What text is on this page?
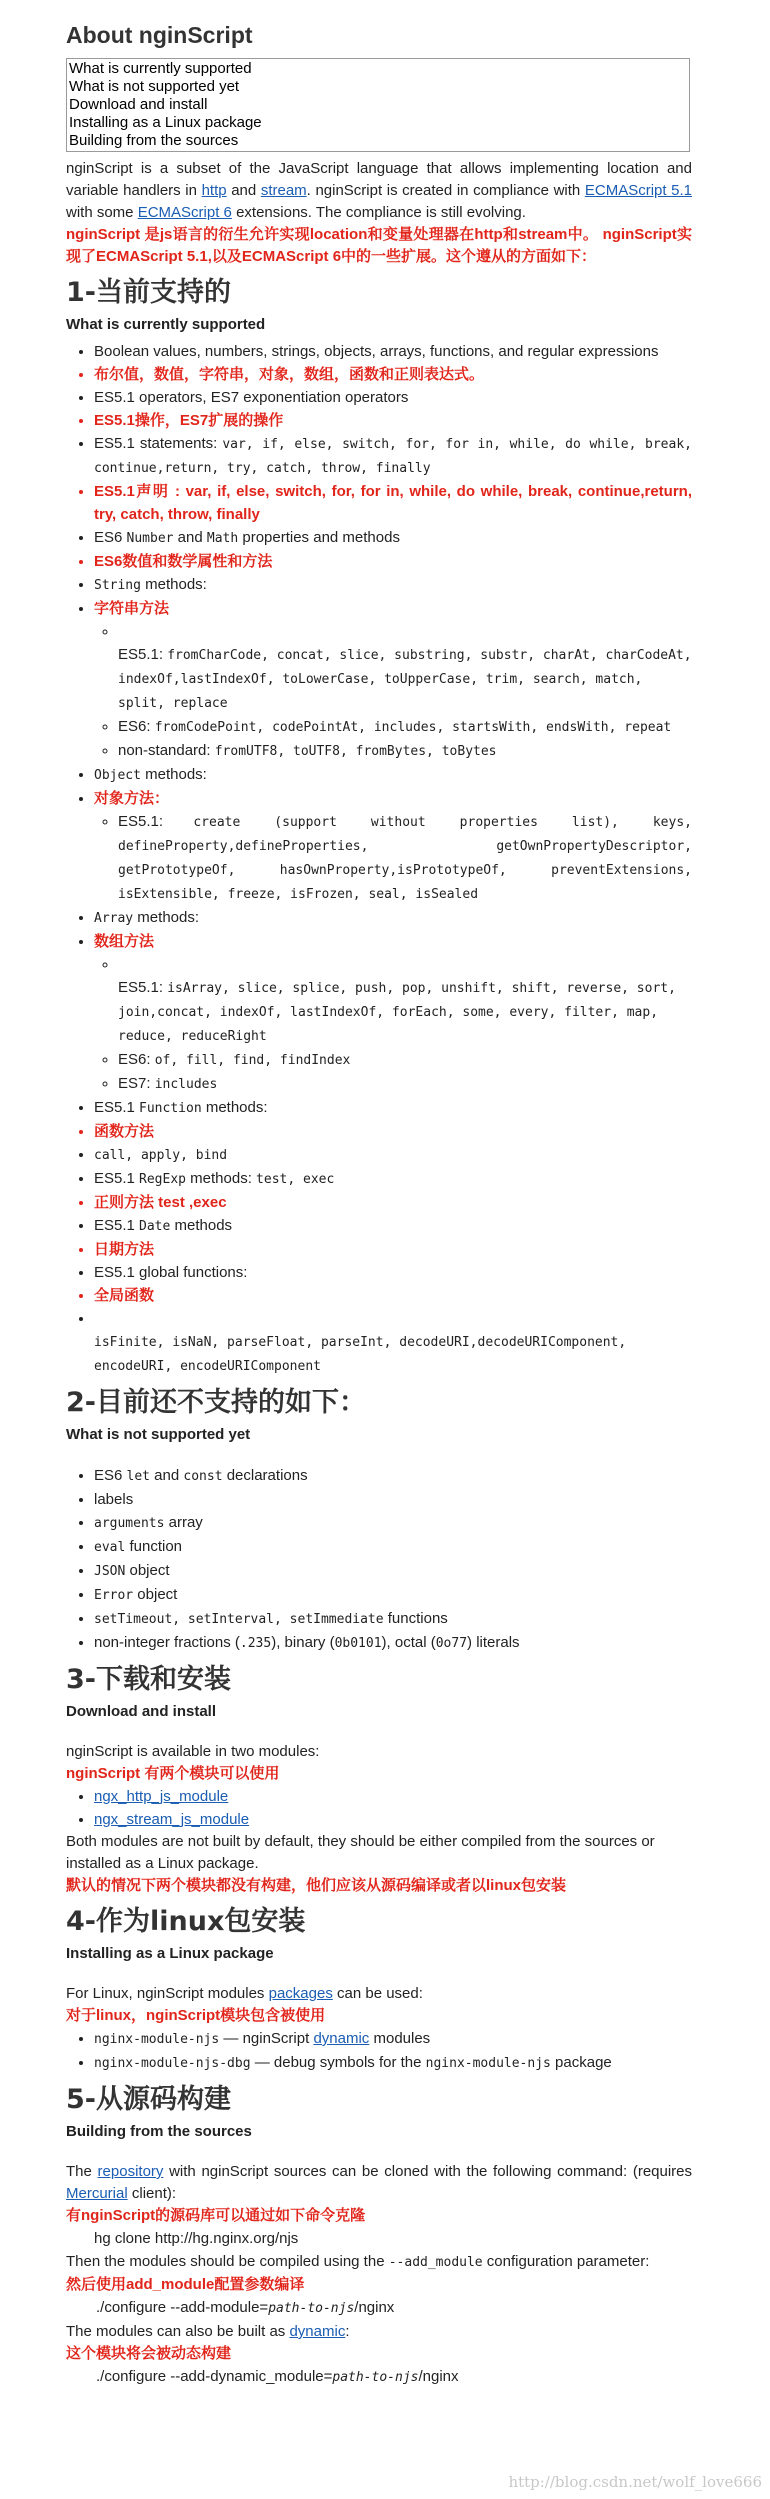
About nginScript
What is currently supported
What is not supported yet
Download and install
Installing as a Linux package
Building from the sources

nginScript is a subset of the JavaScript language that allows implementing location and variable handlers in http and stream. nginScript is created in compliance with ECMAScript 5.1 with some ECMAScript 6 extensions. The compliance is still evolving.

nginScript 是js语言的衍生允许实现location和变量处理器在http和stream中。 nginScript实现了ECMAScript 5.1,以及ECMAScript 6中的一些扩展。这个遵从的方面如下：

1-当前支持的
What is currently supported
• Boolean values, numbers, strings, objects, arrays, functions, and regular expressions
• 布尔值，数值，字符串，对象，数组，函数和正则表达式。
• ES5.1 operators, ES7 exponentiation operators
• ES5.1操作，ES7扩展的操作
• ES5.1 statements: var, if, else, switch, for, for in, while, do while, break, continue,return, try, catch, throw, finally
• ES5.1声明 : var, if, else, switch, for, for in, while, do while, break, continue,return, try, catch, throw, finally
• ES6 Number and Math properties and methods
• ES6数值和数学属性和方法
• String methods:
• 字符串方法

◦ ES5.1: fromCharCode, concat, slice, substring, substr, charAt, charCodeAt, indexOf,lastIndexOf, toLowerCase, toUpperCase, trim, search, match, split, replace
◦ ES6: fromCodePoint, codePointAt, includes, startsWith, endsWith, repeat
◦ non-standard: fromUTF8, toUTF8, fromBytes, toBytes
• Object methods:
• 对象方法：
◦ ES5.1: create (support without properties list), keys, defineProperty,defineProperties, getOwnPropertyDescriptor, getPrototypeOf, hasOwnProperty,isPrototypeOf, preventExtensions, isExtensible, freeze, isFrozen, seal, isSealed
• Array methods:
• 数组方法

◦ ES5.1: isArray, slice, splice, push, pop, unshift, shift, reverse, sort, join,concat, indexOf, lastIndexOf, forEach, some, every, filter, map, reduce, reduceRight
◦ ES6: of, fill, find, findIndex
◦ ES7: includes
• ES5.1 Function methods:
• 函数方法
• call, apply, bind
• ES5.1 RegExp methods: test, exec
• 正则方法 test ,exec
• ES5.1 Date methods
• 日期方法
• ES5.1 global functions:
• 全局函数

• isFinite, isNaN, parseFloat, parseInt, decodeURI,decodeURIComponent, encodeURI, encodeURIComponent
2-目前还不支持的如下：
What is not supported yet
• ES6 let and const declarations
• labels
• arguments array
• eval function
• JSON object
• Error object
• setTimeout, setInterval, setImmediate functions
• non-integer fractions (.235), binary (0b0101), octal (0o77) literals
3-下载和安装
Download and install

nginScript is available in two modules:

nginScript 有两个模块可以使用

• ngx_http_js_module
• ngx_stream_js_module

Both modules are not built by default, they should be either compiled from the sources or installed as a Linux package.

默认的情况下两个模块都没有构建，他们应该从源码编译或者以linux包安装

4-作为linux包安装
Installing as a Linux package

For Linux, nginScript modules packages can be used:

对于linux，nginScript模块包含被使用

• nginx-module-njs — nginScript dynamic modules
• nginx-module-njs-dbg — debug symbols for the nginx-module-njs package
5-从源码构建
Building from the sources

The repository with nginScript sources can be cloned with the following command: (requires Mercurial client):

有nginScript的源码库可以通过如下命令克隆

hg clone http://hg.nginx.org/njs

Then the modules should be compiled using the --add_module configuration parameter:

然后使用add_module配置参数编译

./configure --add-module=path-to-njs/nginx

The modules can also be built as dynamic:

这个模块将会被动态构建

./configure --add-dynamic_module=path-to-njs/nginx
http://blog.csdn.net/wolf_love666
